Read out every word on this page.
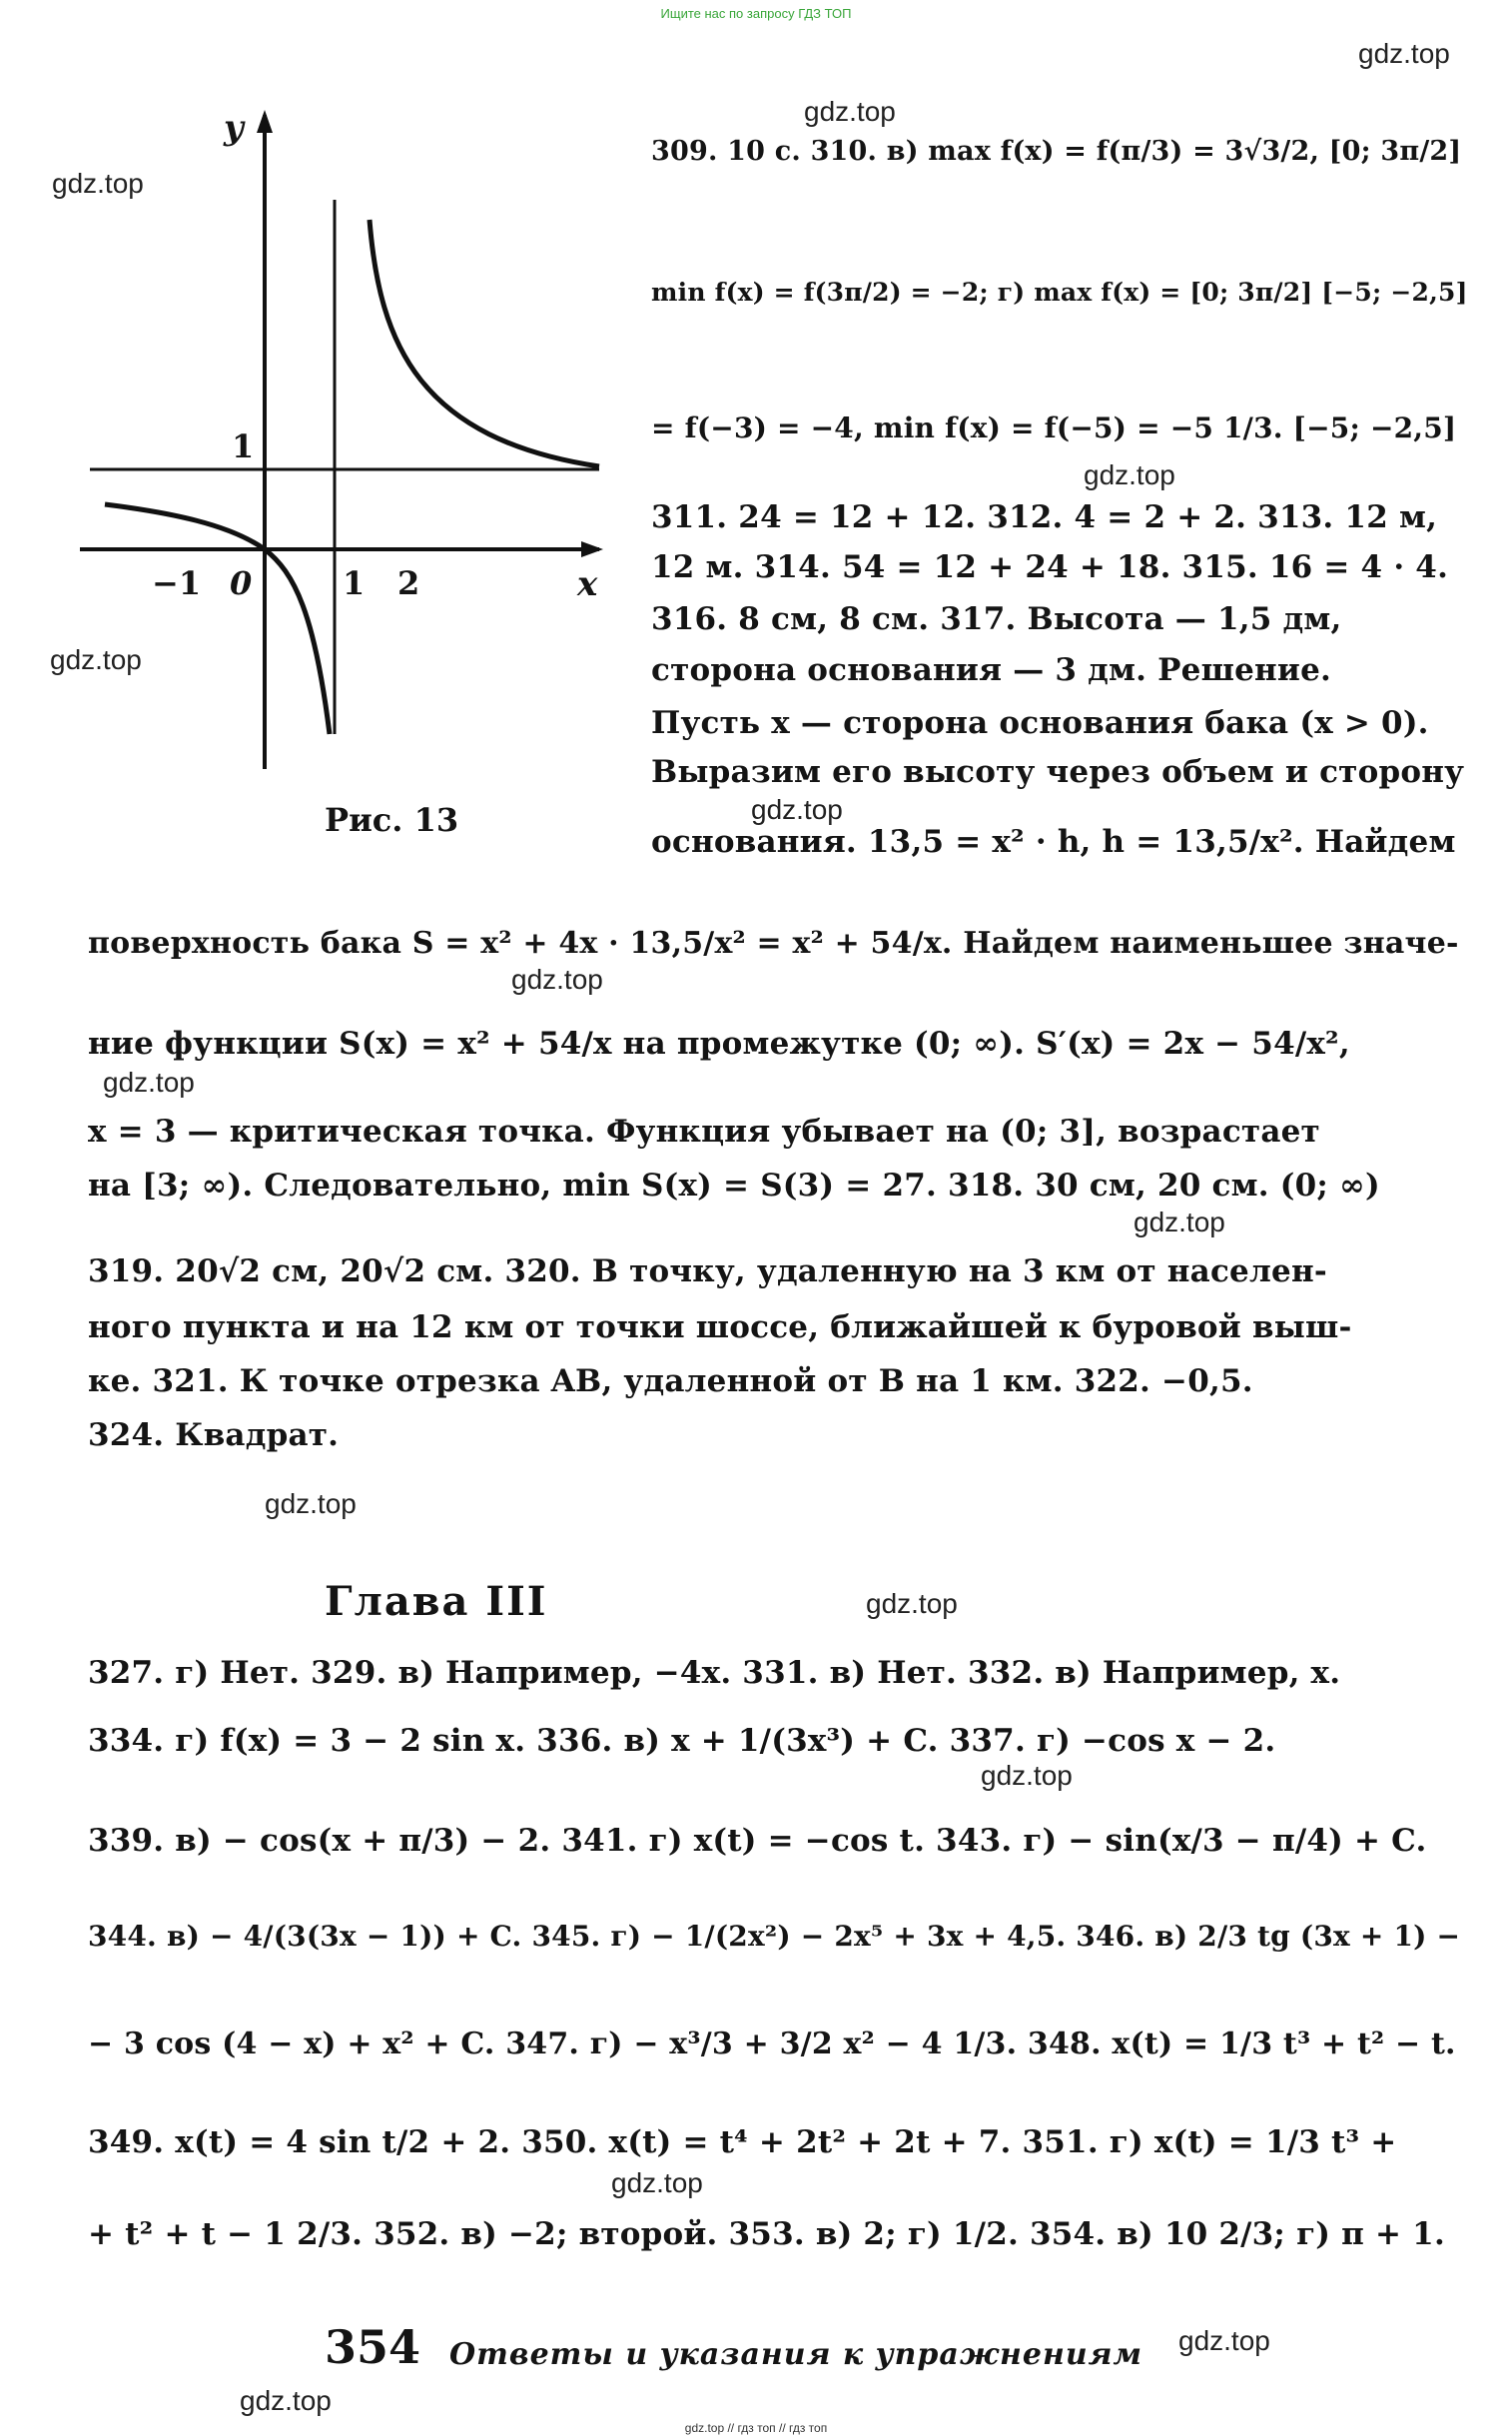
Ищите нас по запросу ГДЗ ТОП
gdz.top
gdz.top
gdz.top
gdz.top
gdz.top
gdz.top
gdz.top
gdz.top
gdz.top
gdz.top
gdz.top
gdz.top
gdz.top
gdz.top
gdz.top
y
x
1
−1 0	1 2
Рис. 13
309. 10 с. 310. в) max f(x) = f(π/3) = 3√3/2, [0; 3π/2]
min f(x) = f(3π/2) = −2; г) max f(x) = [0; 3π/2] [−5; −2,5]
= f(−3) = −4, min f(x) = f(−5) = −5 1/3. [−5; −2,5]
311. 24 = 12 + 12. 312. 4 = 2 + 2. 313. 12 м,
12 м. 314. 54 = 12 + 24 + 18. 315. 16 = 4 · 4.
316. 8 см, 8 см. 317. Высота — 1,5 дм,
сторона основания — 3 дм. Решение.
Пусть x — сторона основания бака (x > 0).
Выразим его высоту через объем и сторону
основания. 13,5 = x² · h, h = 13,5/x². Найдем
поверхность бака S = x² + 4x · 13,5/x² = x² + 54/x. Найдем наименьшее значе-
ние функции S(x) = x² + 54/x на промежутке (0; ∞). S′(x) = 2x − 54/x²,
x = 3 — критическая точка. Функция убывает на (0; 3], возрастает
на [3; ∞). Следовательно, min S(x) = S(3) = 27. 318. 30 см, 20 см. (0; ∞)
319. 20√2 см, 20√2 см. 320. В точку, удаленную на 3 км от населен-
ного пункта и на 12 км от точки шоссе, ближайшей к буровой выш-
ке. 321. К точке отрезка AB, удаленной от B на 1 км. 322. −0,5.
324. Квадрат.
Глава III
327. г) Нет. 329. в) Например, −4x. 331. в) Нет. 332. в) Например, x.
334. г) f(x) = 3 − 2 sin x. 336. в) x + 1/(3x³) + C. 337. г) −cos x − 2.
339. в) − cos(x + π/3) − 2. 341. г) x(t) = −cos t. 343. г) − sin(x/3 − π/4) + C.
344. в) − 4/(3(3x − 1)) + C. 345. г) − 1/(2x²) − 2x⁵ + 3x + 4,5. 346. в) 2/3 tg (3x + 1) −
− 3 cos (4 − x) + x² + C. 347. г) − x³/3 + 3/2 x² − 4 1/3. 348. x(t) = 1/3 t³ + t² − t.
349. x(t) = 4 sin t/2 + 2. 350. x(t) = t⁴ + 2t² + 2t + 7. 351. г) x(t) = 1/3 t³ +
+ t² + t − 1 2/3. 352. в) −2; второй. 353. в) 2; г) 1/2. 354. в) 10 2/3; г) π + 1.
354 Ответы и указания к упражнениям
gdz.top // гдз топ // гдз топ
